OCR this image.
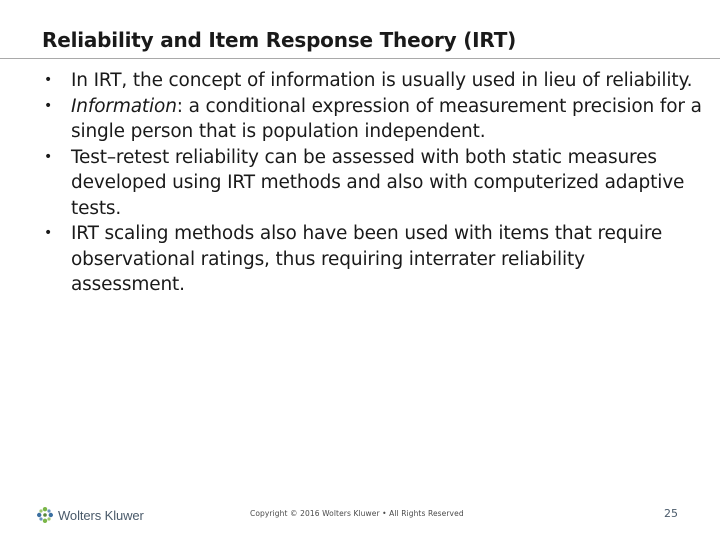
Reliability and Item Response Theory (IRT)
• In IRT, the concept of information is usually used in lieu of reliability.
• Information: a conditional expression of measurement precision for a single person that is population independent.
• Test–retest reliability can be assessed with both static measures developed using IRT methods and also with computerized adaptive tests.
• IRT scaling methods also have been used with items that require observational ratings, thus requiring interrater reliability assessment.
Wolters Kluwer	Copyright © 2016 Wolters Kluwer • All Rights Reserved	25
